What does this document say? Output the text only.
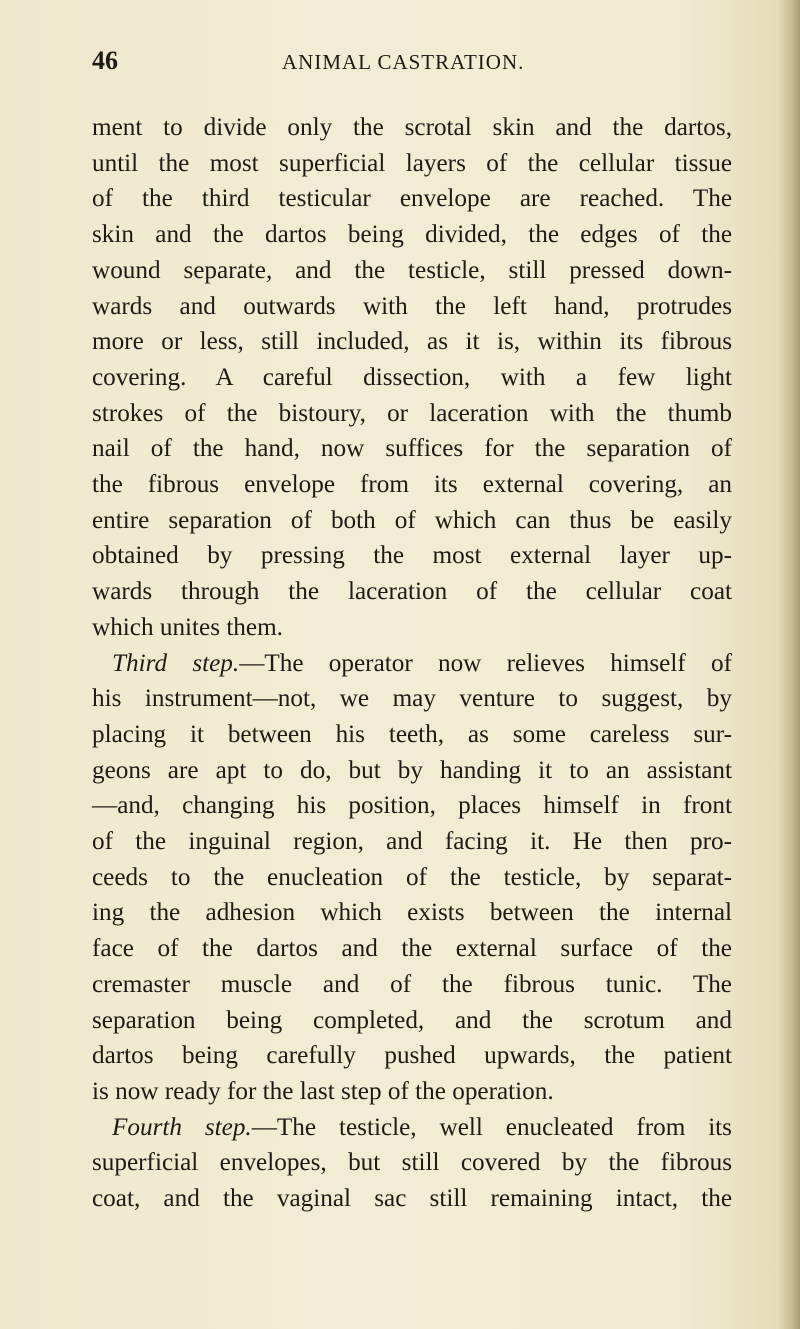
46	ANIMAL CASTRATION.
ment to divide only the scrotal skin and the dartos,
until the most superficial layers of the cellular tissue
of the third testicular envelope are reached. The
skin and the dartos being divided, the edges of the
wound separate, and the testicle, still pressed down-
wards and outwards with the left hand, protrudes
more or less, still included, as it is, within its fibrous
covering. A careful dissection, with a few light
strokes of the bistoury, or laceration with the thumb
nail of the hand, now suffices for the separation of
the fibrous envelope from its external covering, an
entire separation of both of which can thus be easily
obtained by pressing the most external layer up-
wards through the laceration of the cellular coat
which unites them.
Third step.—The operator now relieves himself of
his instrument—not, we may venture to suggest, by
placing it between his teeth, as some careless sur-
geons are apt to do, but by handing it to an assistant
—and, changing his position, places himself in front
of the inguinal region, and facing it. He then pro-
ceeds to the enucleation of the testicle, by separat-
ing the adhesion which exists between the internal
face of the dartos and the external surface of the
cremaster muscle and of the fibrous tunic. The
separation being completed, and the scrotum and
dartos being carefully pushed upwards, the patient
is now ready for the last step of the operation.
Fourth step.—The testicle, well enucleated from its
superficial envelopes, but still covered by the fibrous
coat, and the vaginal sac still remaining intact, the
